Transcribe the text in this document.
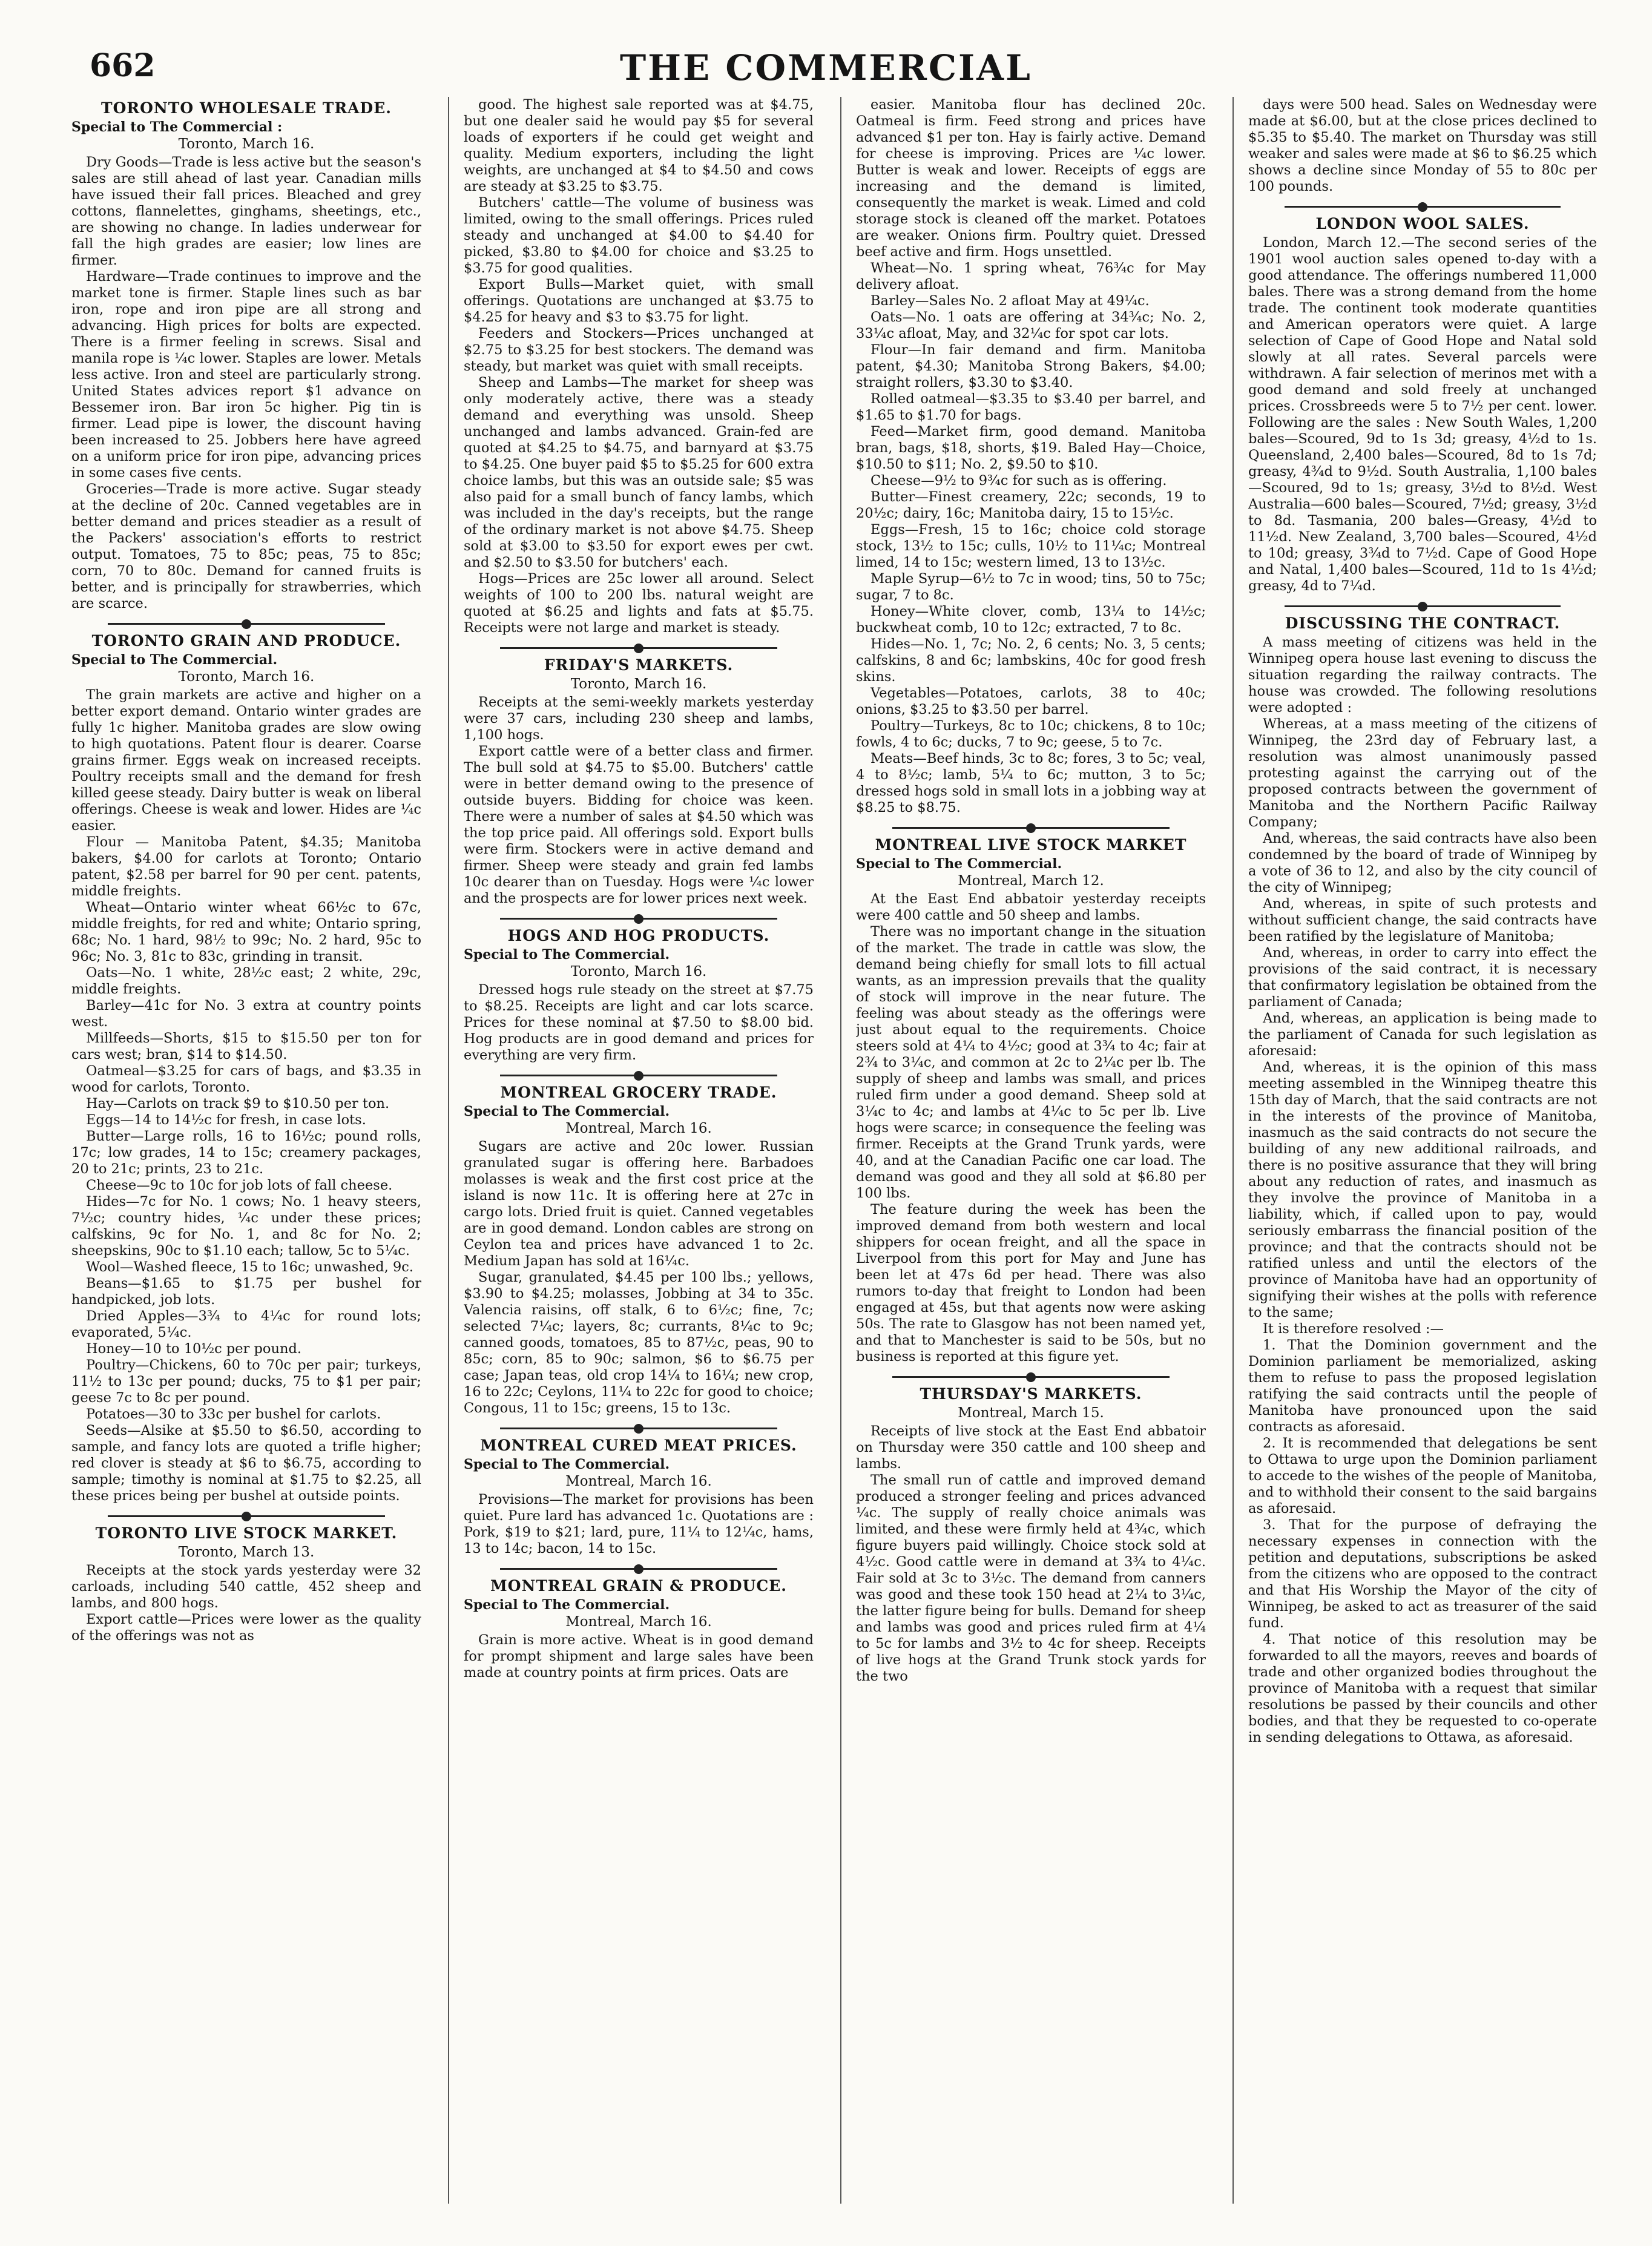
662	THE COMMERCIAL
TORONTO WHOLESALE TRADE.
Special to The Commercial :
Toronto, March 16.

Dry Goods—Trade is less active but the season's sales are still ahead of last year. Canadian mills have issued their fall prices. Bleached and grey cottons, flannelettes, ginghams, sheetings, etc., are showing no change. In ladies underwear for fall the high grades are easier; low lines are firmer.

Hardware—Trade continues to improve and the market tone is firmer. Staple lines such as bar iron, rope and iron pipe are all strong and advancing. High prices for bolts are expected. There is a firmer feeling in screws. Sisal and manila rope is ¼c lower. Staples are lower. Metals less active. Iron and steel are particularly strong. United States advices report $1 advance on Bessemer iron. Bar iron 5c higher. Pig tin is firmer. Lead pipe is lower, the discount having been increased to 25. Jobbers here have agreed on a uniform price for iron pipe, advancing prices in some cases five cents.

Groceries—Trade is more active. Sugar steady at the decline of 20c. Canned vegetables are in better demand and prices steadier as a result of the Packers' association's efforts to restrict output. Tomatoes, 75 to 85c; peas, 75 to 85c; corn, 70 to 80c. Demand for canned fruits is better, and is principally for strawberries, which are scarce.

TORONTO GRAIN AND PRODUCE.
Special to The Commercial.
Toronto, March 16.

The grain markets are active and higher on a better export demand. Ontario winter grades are fully 1c higher. Manitoba grades are slow owing to high quotations. Patent flour is dearer. Coarse grains firmer. Eggs weak on increased receipts. Poultry receipts small and the demand for fresh killed geese steady. Dairy butter is weak on liberal offerings. Cheese is weak and lower. Hides are ¼c easier.

Flour — Manitoba Patent, $4.35; Manitoba bakers, $4.00 for carlots at Toronto; Ontario patent, $2.58 per barrel for 90 per cent. patents, middle freights.

Wheat—Ontario winter wheat 66½c to 67c, middle freights, for red and white; Ontario spring, 68c; No. 1 hard, 98½ to 99c; No. 2 hard, 95c to 96c; No. 3, 81c to 83c, grinding in transit.

Oats—No. 1 white, 28½c east; 2 white, 29c, middle freights.

Barley—41c for No. 3 extra at country points west.

Millfeeds—Shorts, $15 to $15.50 per ton for cars west; bran, $14 to $14.50.

Oatmeal—$3.25 for cars of bags, and $3.35 in wood for carlots, Toronto.

Hay—Carlots on track $9 to $10.50 per ton.

Eggs—14 to 14½c for fresh, in case lots.

Butter—Large rolls, 16 to 16½c; pound rolls, 17c; low grades, 14 to 15c; creamery packages, 20 to 21c; prints, 23 to 21c.

Cheese—9c to 10c for job lots of fall cheese.

Hides—7c for No. 1 cows; No. 1 heavy steers, 7½c; country hides, ¼c under these prices; calfskins, 9c for No. 1, and 8c for No. 2; sheepskins, 90c to $1.10 each; tallow, 5c to 5¼c.

Wool—Washed fleece, 15 to 16c; unwashed, 9c.

Beans—$1.65 to $1.75 per bushel for handpicked, job lots.

Dried Apples—3¾ to 4¼c for round lots; evaporated, 5¼c.

Honey—10 to 10½c per pound.

Poultry—Chickens, 60 to 70c per pair; turkeys, 11½ to 13c per pound; ducks, 75 to $1 per pair; geese 7c to 8c per pound.

Potatoes—30 to 33c per bushel for carlots.

Seeds—Alsike at $5.50 to $6.50, according to sample, and fancy lots are quoted a trifle higher; red clover is steady at $6 to $6.75, according to sample; timothy is nominal at $1.75 to $2.25, all these prices being per bushel at outside points.

TORONTO LIVE STOCK MARKET.
Toronto, March 13.

Receipts at the stock yards yesterday were 32 carloads, including 540 cattle, 452 sheep and lambs, and 800 hogs.

Export cattle—Prices were lower as the quality of the offerings was not as

good. The highest sale reported was at $4.75, but one dealer said he would pay $5 for several loads of exporters if he could get weight and quality. Medium exporters, including the light weights, are unchanged at $4 to $4.50 and cows are steady at $3.25 to $3.75.

Butchers' cattle—The volume of business was limited, owing to the small offerings. Prices ruled steady and unchanged at $4.00 to $4.40 for picked, $3.80 to $4.00 for choice and $3.25 to $3.75 for good qualities.

Export Bulls—Market quiet, with small offerings. Quotations are unchanged at $3.75 to $4.25 for heavy and $3 to $3.75 for light.

Feeders and Stockers—Prices unchanged at $2.75 to $3.25 for best stockers. The demand was steady, but market was quiet with small receipts.

Sheep and Lambs—The market for sheep was only moderately active, there was a steady demand and everything was unsold. Sheep unchanged and lambs advanced. Grain-fed are quoted at $4.25 to $4.75, and barnyard at $3.75 to $4.25. One buyer paid $5 to $5.25 for 600 extra choice lambs, but this was an outside sale; $5 was also paid for a small bunch of fancy lambs, which was included in the day's receipts, but the range of the ordinary market is not above $4.75. Sheep sold at $3.00 to $3.50 for export ewes per cwt. and $2.50 to $3.50 for butchers' each.

Hogs—Prices are 25c lower all around. Select weights of 100 to 200 lbs. natural weight are quoted at $6.25 and lights and fats at $5.75. Receipts were not large and market is steady.

FRIDAY'S MARKETS.
Toronto, March 16.

Receipts at the semi-weekly markets yesterday were 37 cars, including 230 sheep and lambs, 1,100 hogs.

Export cattle were of a better class and firmer. The bull sold at $4.75 to $5.00. Butchers' cattle were in better demand owing to the presence of outside buyers. Bidding for choice was keen. There were a number of sales at $4.50 which was the top price paid. All offerings sold. Export bulls were firm. Stockers were in active demand and firmer. Sheep were steady and grain fed lambs 10c dearer than on Tuesday. Hogs were ¼c lower and the prospects are for lower prices next week.

HOGS AND HOG PRODUCTS.
Special to The Commercial.
Toronto, March 16.

Dressed hogs rule steady on the street at $7.75 to $8.25. Receipts are light and car lots scarce. Prices for these nominal at $7.50 to $8.00 bid. Hog products are in good demand and prices for everything are very firm.

MONTREAL GROCERY TRADE.
Special to The Commercial.
Montreal, March 16.

Sugars are active and 20c lower. Russian granulated sugar is offering here. Barbadoes molasses is weak and the first cost price at the island is now 11c. It is offering here at 27c in cargo lots. Dried fruit is quiet. Canned vegetables are in good demand. London cables are strong on Ceylon tea and prices have advanced 1 to 2c. Medium Japan has sold at 16¼c.

Sugar, granulated, $4.45 per 100 lbs.; yellows, $3.90 to $4.25; molasses, Jobbing at 34 to 35c. Valencia raisins, off stalk, 6 to 6½c; fine, 7c; selected 7¼c; layers, 8c; currants, 8¼c to 9c; canned goods, tomatoes, 85 to 87½c, peas, 90 to 85c; corn, 85 to 90c; salmon, $6 to $6.75 per case; Japan teas, old crop 14¼ to 16¼; new crop, 16 to 22c; Ceylons, 11¼ to 22c for good to choice; Congous, 11 to 15c; greens, 15 to 13c.

MONTREAL CURED MEAT PRICES.
Special to The Commercial.
Montreal, March 16.

Provisions—The market for provisions has been quiet. Pure lard has advanced 1c. Quotations are : Pork, $19 to $21; lard, pure, 11¼ to 12¼c, hams, 13 to 14c; bacon, 14 to 15c.

MONTREAL GRAIN & PRODUCE.
Special to The Commercial.
Montreal, March 16.

Grain is more active. Wheat is in good demand for prompt shipment and large sales have been made at country points at firm prices. Oats are

easier. Manitoba flour has declined 20c. Oatmeal is firm. Feed strong and prices have advanced $1 per ton. Hay is fairly active. Demand for cheese is improving. Prices are ¼c lower. Butter is weak and lower. Receipts of eggs are increasing and the demand is limited, consequently the market is weak. Limed and cold storage stock is cleaned off the market. Potatoes are weaker. Onions firm. Poultry quiet. Dressed beef active and firm. Hogs unsettled.

Wheat—No. 1 spring wheat, 76¾c for May delivery afloat.

Barley—Sales No. 2 afloat May at 49¼c.

Oats—No. 1 oats are offering at 34¾c; No. 2, 33¼c afloat, May, and 32¼c for spot car lots.

Flour—In fair demand and firm. Manitoba patent, $4.30; Manitoba Strong Bakers, $4.00; straight rollers, $3.30 to $3.40.

Rolled oatmeal—$3.35 to $3.40 per barrel, and $1.65 to $1.70 for bags.

Feed—Market firm, good demand. Manitoba bran, bags, $18, shorts, $19. Baled Hay—Choice, $10.50 to $11; No. 2, $9.50 to $10.

Cheese—9½ to 9¾c for such as is offering.

Butter—Finest creamery, 22c; seconds, 19 to 20½c; dairy, 16c; Manitoba dairy, 15 to 15½c.

Eggs—Fresh, 15 to 16c; choice cold storage stock, 13½ to 15c; culls, 10½ to 11¼c; Montreal limed, 14 to 15c; western limed, 13 to 13½c.

Maple Syrup—6½ to 7c in wood; tins, 50 to 75c; sugar, 7 to 8c.

Honey—White clover, comb, 13¼ to 14½c; buckwheat comb, 10 to 12c; extracted, 7 to 8c.

Hides—No. 1, 7c; No. 2, 6 cents; No. 3, 5 cents; calfskins, 8 and 6c; lambskins, 40c for good fresh skins.

Vegetables—Potatoes, carlots, 38 to 40c; onions, $3.25 to $3.50 per barrel.

Poultry—Turkeys, 8c to 10c; chickens, 8 to 10c; fowls, 4 to 6c; ducks, 7 to 9c; geese, 5 to 7c.

Meats—Beef hinds, 3c to 8c; fores, 3 to 5c; veal, 4 to 8½c; lamb, 5¼ to 6c; mutton, 3 to 5c; dressed hogs sold in small lots in a jobbing way at $8.25 to $8.75.

MONTREAL LIVE STOCK MARKET
Special to The Commercial.
Montreal, March 12.

At the East End abbatoir yesterday receipts were 400 cattle and 50 sheep and lambs.

There was no important change in the situation of the market. The trade in cattle was slow, the demand being chiefly for small lots to fill actual wants, as an impression prevails that the quality of stock will improve in the near future. The feeling was about steady as the offerings were just about equal to the requirements. Choice steers sold at 4¼ to 4½c; good at 3¾ to 4c; fair at 2¾ to 3¼c, and common at 2c to 2¼c per lb. The supply of sheep and lambs was small, and prices ruled firm under a good demand. Sheep sold at 3¼c to 4c; and lambs at 4¼c to 5c per lb. Live hogs were scarce; in consequence the feeling was firmer. Receipts at the Grand Trunk yards, were 40, and at the Canadian Pacific one car load. The demand was good and they all sold at $6.80 per 100 lbs.

The feature during the week has been the improved demand from both western and local shippers for ocean freight, and all the space in Liverpool from this port for May and June has been let at 47s 6d per head. There was also rumors to-day that freight to London had been engaged at 45s, but that agents now were asking 50s. The rate to Glasgow has not been named yet, and that to Manchester is said to be 50s, but no business is reported at this figure yet.

THURSDAY'S MARKETS.
Montreal, March 15.

Receipts of live stock at the East End abbatoir on Thursday were 350 cattle and 100 sheep and lambs.

The small run of cattle and improved demand produced a stronger feeling and prices advanced ¼c. The supply of really choice animals was limited, and these were firmly held at 4¾c, which figure buyers paid willingly. Choice stock sold at 4½c. Good cattle were in demand at 3¾ to 4¼c. Fair sold at 3c to 3½c. The demand from canners was good and these took 150 head at 2¼ to 3¼c, the latter figure being for bulls. Demand for sheep and lambs was good and prices ruled firm at 4¼ to 5c for lambs and 3½ to 4c for sheep. Receipts of live hogs at the Grand Trunk stock yards for the two

days were 500 head. Sales on Wednesday were made at $6.00, but at the close prices declined to $5.35 to $5.40. The market on Thursday was still weaker and sales were made at $6 to $6.25 which shows a decline since Monday of 55 to 80c per 100 pounds.

LONDON WOOL SALES.

London, March 12.—The second series of the 1901 wool auction sales opened to-day with a good attendance. The offerings numbered 11,000 bales. There was a strong demand from the home trade. The continent took moderate quantities and American operators were quiet. A large selection of Cape of Good Hope and Natal sold slowly at all rates. Several parcels were withdrawn. A fair selection of merinos met with a good demand and sold freely at unchanged prices. Crossbreeds were 5 to 7½ per cent. lower. Following are the sales : New South Wales, 1,200 bales—Scoured, 9d to 1s 3d; greasy, 4½d to 1s. Queensland, 2,400 bales—Scoured, 8d to 1s 7d; greasy, 4¾d to 9½d. South Australia, 1,100 bales—Scoured, 9d to 1s; greasy, 3½d to 8½d. West Australia—600 bales—Scoured, 7½d; greasy, 3½d to 8d. Tasmania, 200 bales—Greasy, 4½d to 11½d. New Zealand, 3,700 bales—Scoured, 4½d to 10d; greasy, 3¾d to 7½d. Cape of Good Hope and Natal, 1,400 bales—Scoured, 11d to 1s 4½d; greasy, 4d to 7¼d.

DISCUSSING THE CONTRACT.

A mass meeting of citizens was held in the Winnipeg opera house last evening to discuss the situation regarding the railway contracts. The house was crowded. The following resolutions were adopted :

Whereas, at a mass meeting of the citizens of Winnipeg, the 23rd day of February last, a resolution was almost unanimously passed protesting against the carrying out of the proposed contracts between the government of Manitoba and the Northern Pacific Railway Company;

And, whereas, the said contracts have also been condemned by the board of trade of Winnipeg by a vote of 36 to 12, and also by the city council of the city of Winnipeg;

And, whereas, in spite of such protests and without sufficient change, the said contracts have been ratified by the legislature of Manitoba;

And, whereas, in order to carry into effect the provisions of the said contract, it is necessary that confirmatory legislation be obtained from the parliament of Canada;

And, whereas, an application is being made to the parliament of Canada for such legislation as aforesaid:

And, whereas, it is the opinion of this mass meeting assembled in the Winnipeg theatre this 15th day of March, that the said contracts are not in the interests of the province of Manitoba, inasmuch as the said contracts do not secure the building of any new additional railroads, and there is no positive assurance that they will bring about any reduction of rates, and inasmuch as they involve the province of Manitoba in a liability, which, if called upon to pay, would seriously embarrass the financial position of the province; and that the contracts should not be ratified unless and until the electors of the province of Manitoba have had an opportunity of signifying their wishes at the polls with reference to the same;

It is therefore resolved :—

1. That the Dominion government and the Dominion parliament be memorialized, asking them to refuse to pass the proposed legislation ratifying the said contracts until the people of Manitoba have pronounced upon the said contracts as aforesaid.

2. It is recommended that delegations be sent to Ottawa to urge upon the Dominion parliament to accede to the wishes of the people of Manitoba, and to withhold their consent to the said bargains as aforesaid.

3. That for the purpose of defraying the necessary expenses in connection with the petition and deputations, subscriptions be asked from the citizens who are opposed to the contract and that His Worship the Mayor of the city of Winnipeg, be asked to act as treasurer of the said fund.

4. That notice of this resolution may be forwarded to all the mayors, reeves and boards of trade and other organized bodies throughout the province of Manitoba with a request that similar resolutions be passed by their councils and other bodies, and that they be requested to co-operate in sending delegations to Ottawa, as aforesaid.
